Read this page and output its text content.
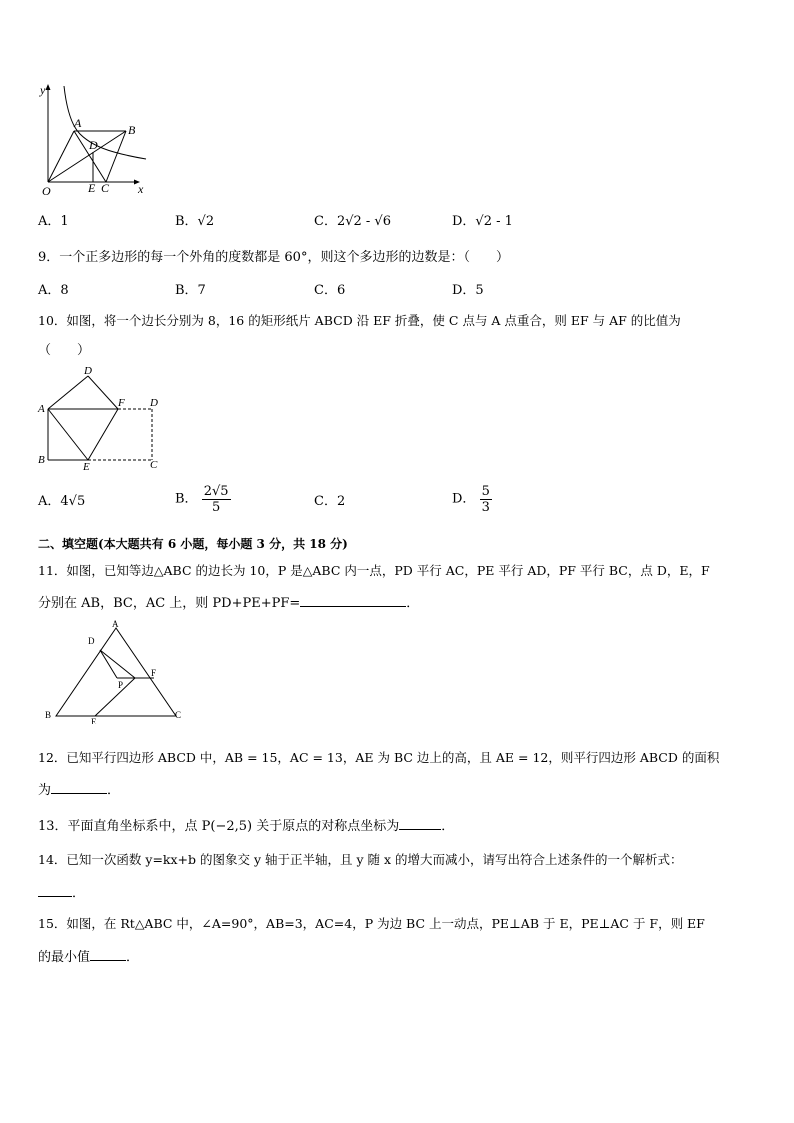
y
A	B
D
O	E C x
A．1	B．√2	C．2√2 - √6	D．√2 - 1
9．一个正多边形的每一个外角的度数都是 60°，则这个多边形的边数是：（　　）
A．8	B．7	C．6	D．5
10．如图，将一个边长分别为 8，16 的矩形纸片 ABCD 沿 EF 折叠，使 C 点与 A 点重合，则 EF 与 AF 的比值为
（　　）
D
A	F D
B
E	C
A．4√5	B． $\frac{2√5}{5}$	C．2	D． $\frac{5}{3}$
二、填空题(本大题共有 6 小题，每小题 3 分，共 18 分)
11．如图，已知等边△ABC 的边长为 10，P 是△ABC 内一点，PD 平行 AC，PE 平行 AD，PF 平行 BC，点 D，E，F
分别在 AB，BC，AC 上，则 PD+PE+PF=	．
A
D
F
P
B
E
C
12．已知平行四边形 ABCD 中，AB = 15，AC = 13，AE 为 BC 边上的高，且 AE = 12，则平行四边形 ABCD 的面积
为	．
13．平面直角坐标系中，点 P(−2,5) 关于原点的对称点坐标为	．
14．已知一次函数 y=kx+b 的图象交 y 轴于正半轴，且 y 随 x 的增大而减小，请写出符合上述条件的一个解析式：
．
15．如图，在 Rt△ABC 中，∠A=90°，AB=3，AC=4，P 为边 BC 上一动点，PE⊥AB 于 E，PE⊥AC 于 F，则 EF
的最小值	．
